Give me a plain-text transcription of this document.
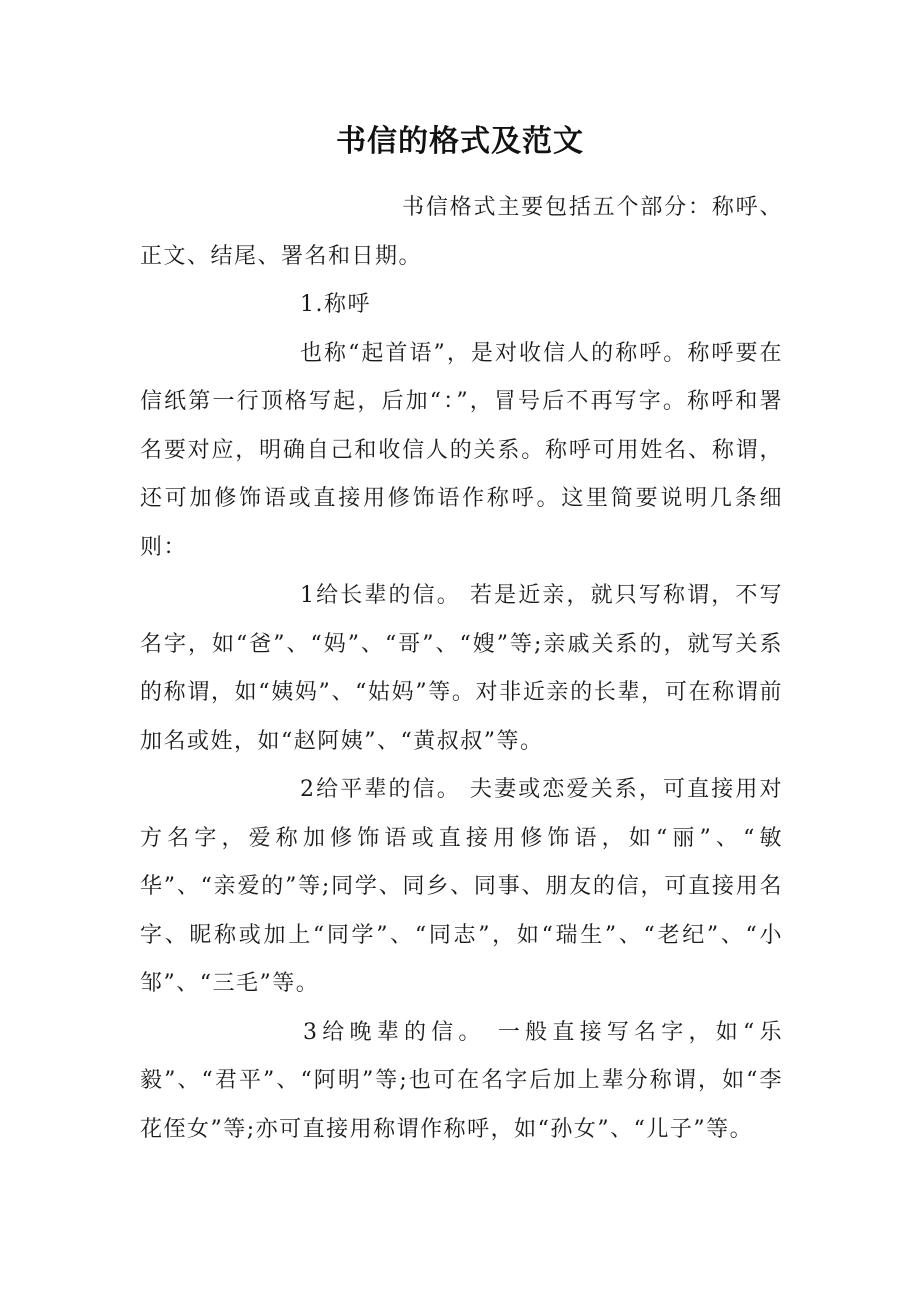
书信的格式及范文

书信格式主要包括五个部分：称呼、正文、结尾、署名和日期。

1.称呼

也称“起首语”，是对收信人的称呼。称呼要在信纸第一行顶格写起，后加“：”，冒号后不再写字。称呼和署名要对应，明确自己和收信人的关系。称呼可用姓名、称谓，还可加修饰语或直接用修饰语作称呼。这里简要说明几条细则：

1给长辈的信。 若是近亲，就只写称谓，不写名字，如“爸”、“妈”、“哥”、“嫂”等;亲戚关系的，就写关系的称谓，如“姨妈”、“姑妈”等。对非近亲的长辈，可在称谓前加名或姓，如“赵阿姨”、“黄叔叔”等。

2给平辈的信。 夫妻或恋爱关系，可直接用对方名字，爱称加修饰语或直接用修饰语，如“丽”、“敏华”、“亲爱的”等;同学、同乡、同事、朋友的信，可直接用名字、昵称或加上“同学”、“同志”，如“瑞生”、“老纪”、“小邹”、“三毛”等。

3给晚辈的信。 一般直接写名字，如“乐毅”、“君平”、“阿明”等;也可在名字后加上辈分称谓，如“李花侄女”等;亦可直接用称谓作称呼，如“孙女”、“儿子”等。
